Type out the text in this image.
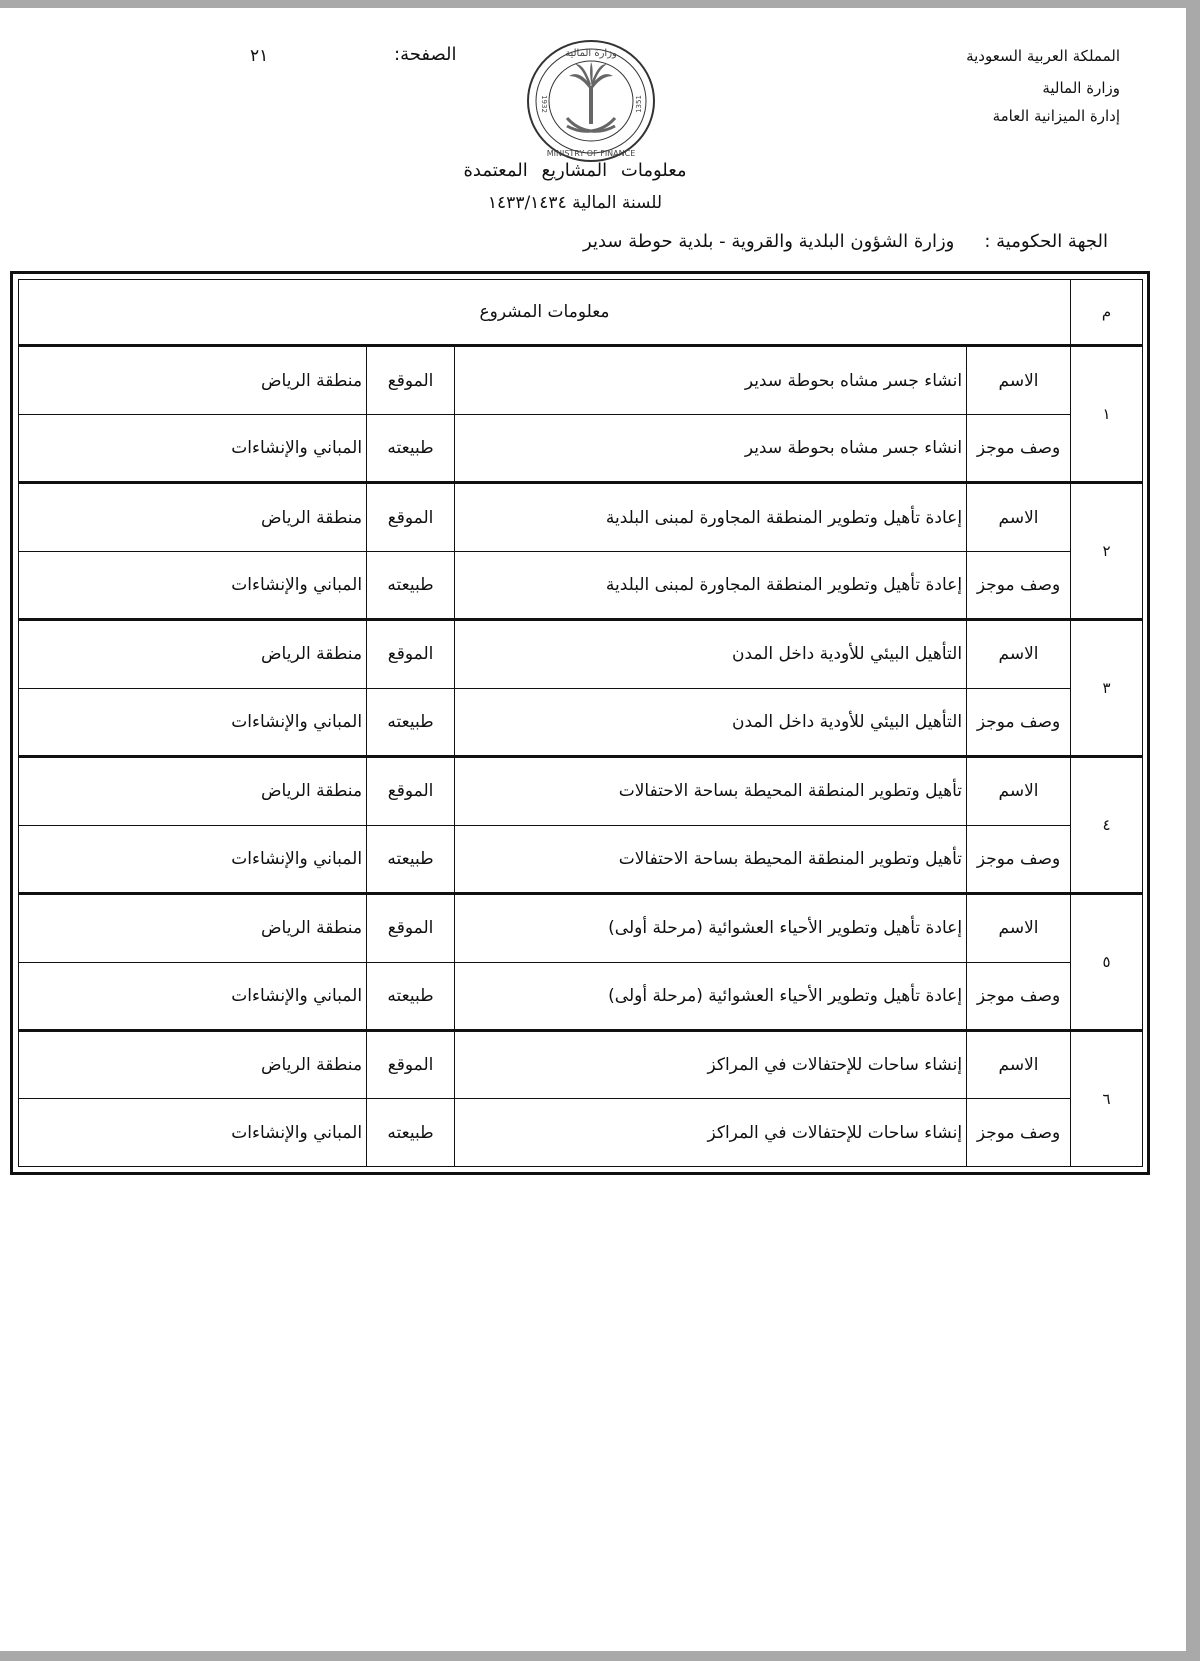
المملكة العربية السعودية
وزارة المالية
إدارة الميزانية العامة
الصفحة:
٢١	وزارة المالية
MINISTRY OF FINANCE
1932	1351
معلومات المشاريع المعتمدة
للسنة المالية ١٤٣٣/١٤٣٤
الجهة الحكومية :وزارة الشؤون البلدية والقروية - بلدية حوطة سدير
م	معلومات المشروع			
١	الاسم	انشاء جسر مشاه بحوطة سدير	الموقع	منطقة الرياض
	وصف موجز	انشاء جسر مشاه بحوطة سدير	طبيعته	المباني والإنشاءات
٢	الاسم	إعادة تأهيل وتطوير المنطقة المجاورة لمبنى البلدية	الموقع	منطقة الرياض
	وصف موجز	إعادة تأهيل وتطوير المنطقة المجاورة لمبنى البلدية	طبيعته	المباني والإنشاءات
٣	الاسم	التأهيل البيئي للأودية داخل المدن	الموقع	منطقة الرياض
	وصف موجز	التأهيل البيئي للأودية داخل المدن	طبيعته	المباني والإنشاءات
٤	الاسم	تأهيل وتطوير المنطقة المحيطة بساحة الاحتفالات	الموقع	منطقة الرياض
	وصف موجز	تأهيل وتطوير المنطقة المحيطة بساحة الاحتفالات	طبيعته	المباني والإنشاءات
٥	الاسم	إعادة تأهيل وتطوير الأحياء العشوائية (مرحلة أولى)	الموقع	منطقة الرياض
	وصف موجز	إعادة تأهيل وتطوير الأحياء العشوائية (مرحلة أولى)	طبيعته	المباني والإنشاءات
٦	الاسم	إنشاء ساحات للإحتفالات في المراكز	الموقع	منطقة الرياض
	وصف موجز	إنشاء ساحات للإحتفالات في المراكز	طبيعته	المباني والإنشاءات
